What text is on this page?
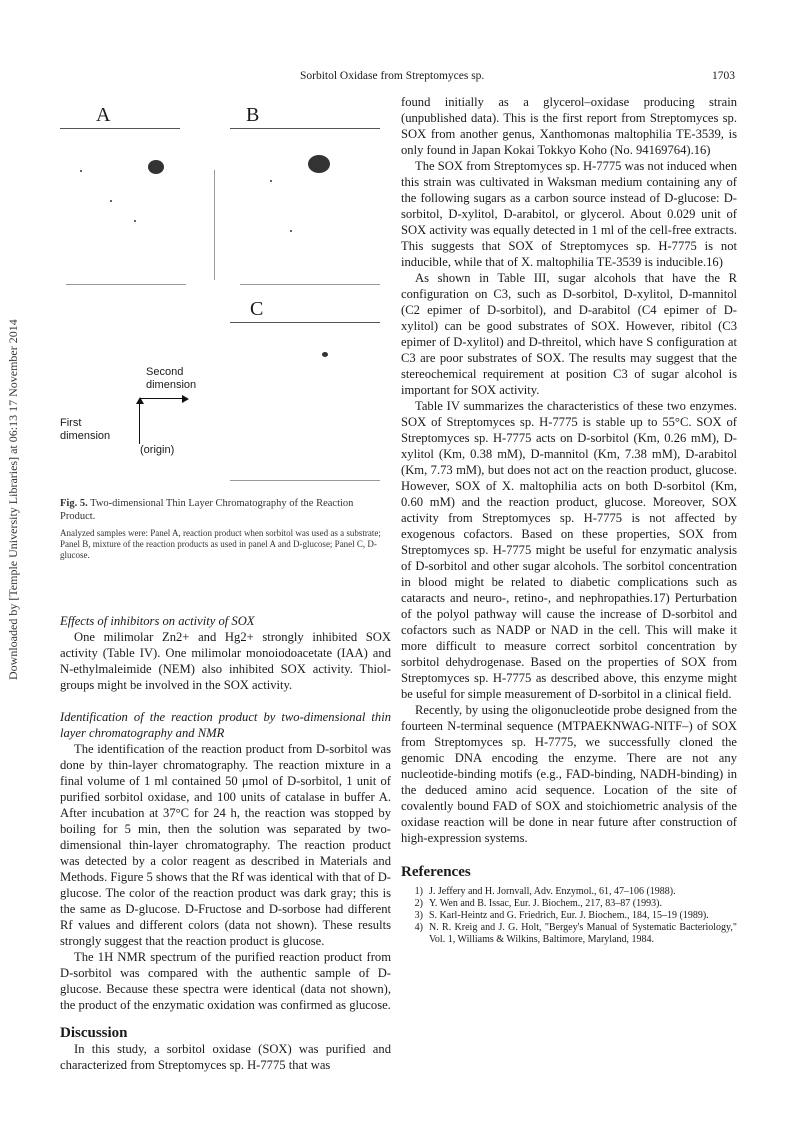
Downloaded by [Temple University Libraries] at 06:13 17 November 2014
Sorbitol Oxidase from Streptomyces sp.	1703
A	B
C
Second
dimension
First
dimension
(origin)
Fig. 5. Two-dimensional Thin Layer Chromatography of the Reaction Product.
Analyzed samples were: Panel A, reaction product when sorbitol was used as a substrate; Panel B, mixture of the reaction products as used in panel A and D-glucose; Panel C, D-glucose.

Effects of inhibitors on activity of SOX

One milimolar Zn2+ and Hg2+ strongly inhibited SOX activity (Table IV). One milimolar monoiodoacetate (IAA) and N-ethylmaleimide (NEM) also inhibited SOX activity. Thiol-groups might be involved in the SOX activity.

Identification of the reaction product by two-dimensional thin layer chromatography and NMR

The identification of the reaction product from D-sorbitol was done by thin-layer chromatography. The reaction mixture in a final volume of 1 ml contained 50 μmol of D-sorbitol, 1 unit of purified sorbitol oxidase, and 100 units of catalase in buffer A. After incubation at 37°C for 24 h, the reaction was stopped by boiling for 5 min, then the solution was separated by two-dimensional thin-layer chromatography. The reaction product was detected by a color reagent as described in Materials and Methods. Figure 5 shows that the Rf was identical with that of D-glucose. The color of the reaction product was dark gray; this is the same as D-glucose. D-Fructose and D-sorbose had different Rf values and different colors (data not shown). These results strongly suggest that the reaction product is glucose.

The 1H NMR spectrum of the purified reaction product from D-sorbitol was compared with the authentic sample of D-glucose. Because these spectra were identical (data not shown), the product of the enzymatic oxidation was confirmed as glucose.

Discussion

In this study, a sorbitol oxidase (SOX) was purified and characterized from Streptomyces sp. H-7775 that was

found initially as a glycerol–oxidase producing strain (unpublished data). This is the first report from Streptomyces sp. SOX from another genus, Xanthomonas maltophilia TE-3539, is only found in Japan Kokai Tokkyo Koho (No. 94169764).16)

The SOX from Streptomyces sp. H-7775 was not induced when this strain was cultivated in Waksman medium containing any of the following sugars as a carbon source instead of D-glucose: D-sorbitol, D-xylitol, D-arabitol, or glycerol. About 0.029 unit of SOX activity was equally detected in 1 ml of the cell-free extracts. This suggests that SOX of Streptomyces sp. H-7775 is not inducible, while that of X. maltophilia TE-3539 is inducible.16)

As shown in Table III, sugar alcohols that have the R configuration on C3, such as D-sorbitol, D-xylitol, D-mannitol (C2 epimer of D-sorbitol), and D-arabitol (C4 epimer of D-xylitol) can be good substrates of SOX. However, ribitol (C3 epimer of D-xylitol) and D-threitol, which have S configuration at C3 are poor substrates of SOX. The results may suggest that the stereochemical requirement at position C3 of sugar alcohol is important for SOX activity.

Table IV summarizes the characteristics of these two enzymes. SOX of Streptomyces sp. H-7775 is stable up to 55°C. SOX of Streptomyces sp. H-7775 acts on D-sorbitol (Km, 0.26 mM), D-xylitol (Km, 0.38 mM), D-mannitol (Km, 7.38 mM), D-arabitol (Km, 7.73 mM), but does not act on the reaction product, glucose. However, SOX of X. maltophilia acts on both D-sorbitol (Km, 0.60 mM) and the reaction product, glucose. Moreover, SOX activity from Streptomyces sp. H-7775 is not affected by exogenous cofactors. Based on these properties, SOX from Streptomyces sp. H-7775 might be useful for enzymatic analysis of D-sorbitol and other sugar alcohols. The sorbitol concentration in blood might be related to diabetic complications such as cataracts and neuro-, retino-, and nephropathies.17) Perturbation of the polyol pathway will cause the increase of D-sorbitol and cofactors such as NADP or NAD in the cell. This will make it more difficult to measure correct sorbitol concentration by sorbitol dehydrogenase. Based on the properties of SOX from Streptomyces sp. H-7775 as described above, this enzyme might be useful for simple measurement of D-sorbitol in a clinical field.

Recently, by using the oligonucleotide probe designed from the fourteen N-terminal sequence (MTPAEKNWAG-NITF–) of SOX from Streptomyces sp. H-7775, we successfully cloned the genomic DNA encoding the enzyme. There are not any nucleotide-binding motifs (e.g., FAD-binding, NADH-binding) in the deduced amino acid sequence. Location of the site of covalently bound FAD of SOX and stoichiometric analysis of the oxidase reaction will be done in near future after construction of high-expression systems.

References
1) J. Jeffery and H. Jornvall, Adv. Enzymol., 61, 47–106 (1988).
2) Y. Wen and B. Issac, Eur. J. Biochem., 217, 83–87 (1993).
3) S. Karl-Heintz and G. Friedrich, Eur. J. Biochem., 184, 15–19 (1989).
4) N. R. Kreig and J. G. Holt, "Bergey's Manual of Systematic Bacteriology," Vol. 1, Williams & Wilkins, Baltimore, Maryland, 1984.
